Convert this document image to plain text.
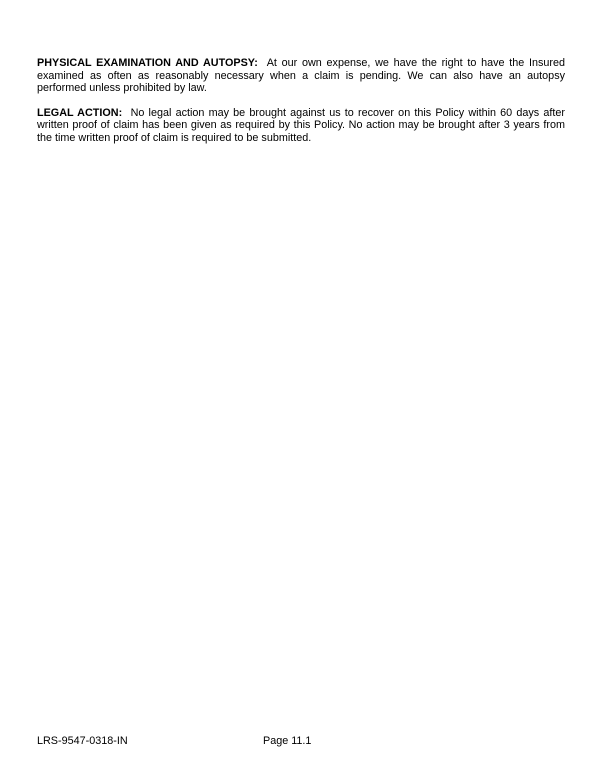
PHYSICAL EXAMINATION AND AUTOPSY: At our own expense, we have the right to have the Insured examined as often as reasonably necessary when a claim is pending. We can also have an autopsy performed unless prohibited by law.

LEGAL ACTION: No legal action may be brought against us to recover on this Policy within 60 days after written proof of claim has been given as required by this Policy. No action may be brought after 3 years from the time written proof of claim is required to be submitted.

LRS-9547-0318-IN	Page 11.1
